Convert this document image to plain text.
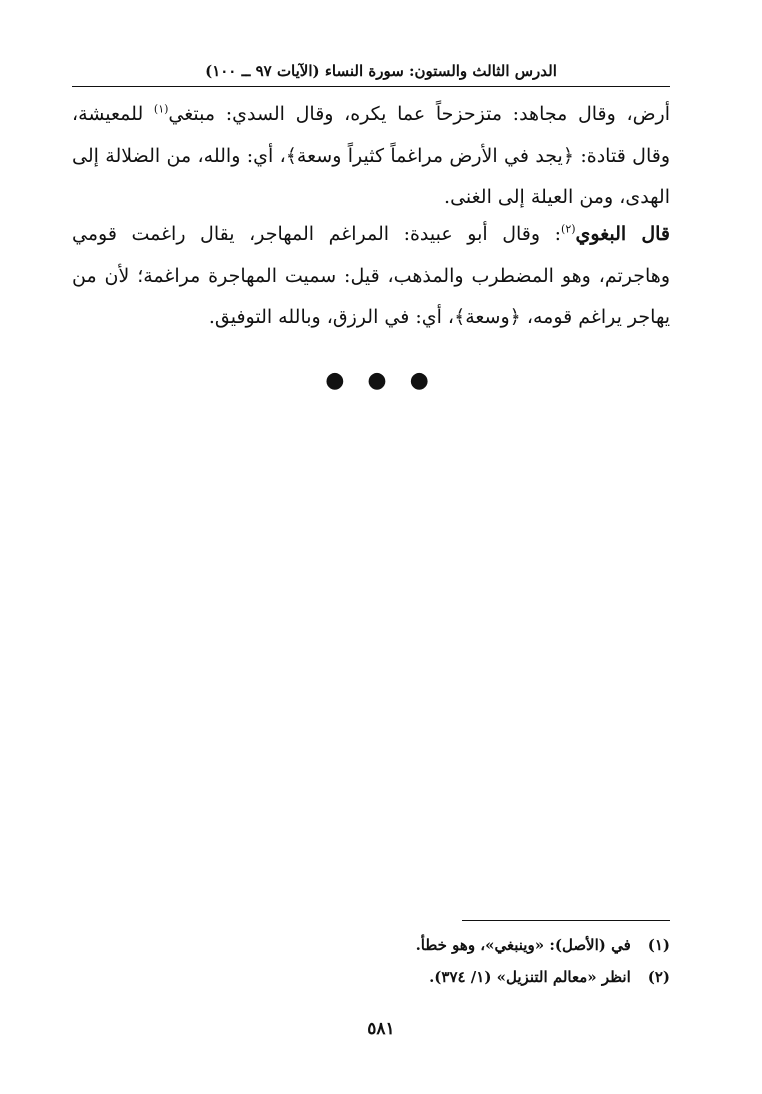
الدرس الثالث والستون: سورة النساء (الآيات ٩٧ ــ ١٠٠)
أرض، وقال مجاهد: متزحزحاً عما يكره، وقال السدي: مبتغي$^{(١)}$ للمعيشة، وقال قتادة: ﴿يجد في الأرض مراغماً كثيراً وسعة﴾، أي: والله، من الضلالة إلى الهدى، ومن العيلة إلى الغنى.
قال البغوي$^{(٢)}$: وقال أبو عبيدة: المراغم المهاجر، يقال راغمت قومي وهاجرتم، وهو المضطرب والمذهب، قيل: سميت المهاجرة مراغمة؛ لأن من يهاجر يراغم قومه، ﴿وسعة﴾، أي: في الرزق، وبالله التوفيق.
● ● ●
(١) في (الأصل): «وينبغي»، وهو خطأ.
(٢) انظر «معالم التنزيل» (١/ ٣٧٤).
٥٨١
